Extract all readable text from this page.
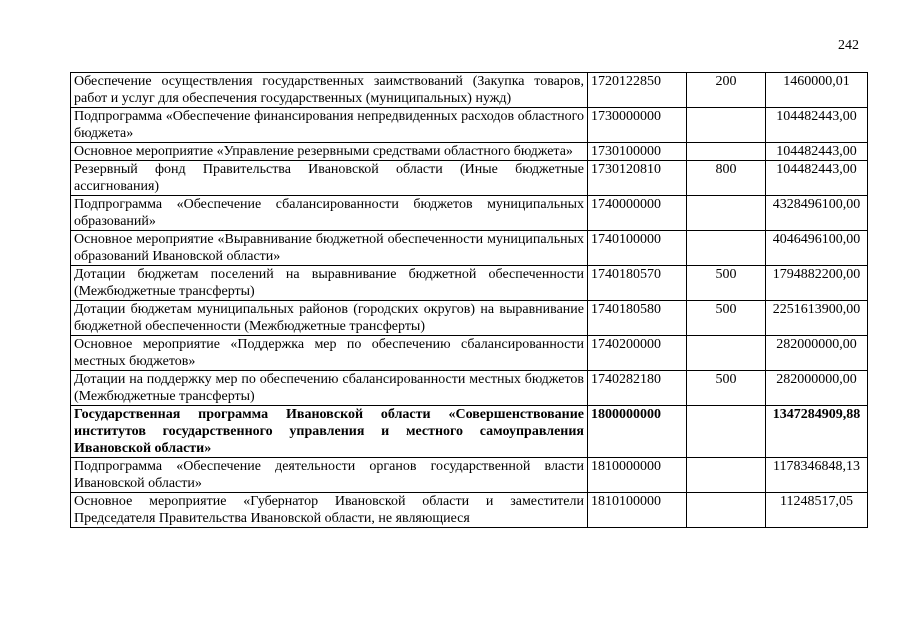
242
Обеспечение осуществления государственных заимствований (Закупка товаров, работ и услуг для обеспечения государственных (муниципальных) нужд)	1720122850	200	1460000,01
Подпрограмма «Обеспечение финансирования непредвиденных расходов областного бюджета»	1730000000		104482443,00
Основное мероприятие «Управление резервными средствами областного бюджета»	1730100000		104482443,00
Резервный фонд Правительства Ивановской области (Иные бюджетные ассигнования)	1730120810	800	104482443,00
Подпрограмма «Обеспечение сбалансированности бюджетов муниципальных образований»	1740000000		4328496100,00
Основное мероприятие «Выравнивание бюджетной обеспеченности муниципальных образований Ивановской области»	1740100000		4046496100,00
Дотации бюджетам поселений на выравнивание бюджетной обеспеченности (Межбюджетные трансферты)	1740180570	500	1794882200,00
Дотации бюджетам муниципальных районов (городских округов) на выравнивание бюджетной обеспеченности (Межбюджетные трансферты)	1740180580	500	2251613900,00
Основное мероприятие «Поддержка мер по обеспечению сбалансированности местных бюджетов»	1740200000		282000000,00
Дотации на поддержку мер по обеспечению сбалансированности местных бюджетов (Межбюджетные трансферты)	1740282180	500	282000000,00
Государственная программа Ивановской области «Совершенствование институтов государственного управления и местного самоуправления Ивановской области»	1800000000		1347284909,88
Подпрограмма «Обеспечение деятельности органов государственной власти Ивановской области»	1810000000		1178346848,13
Основное мероприятие «Губернатор Ивановской области и заместители Председателя Правительства Ивановской области, не являющиеся	1810100000		11248517,05
